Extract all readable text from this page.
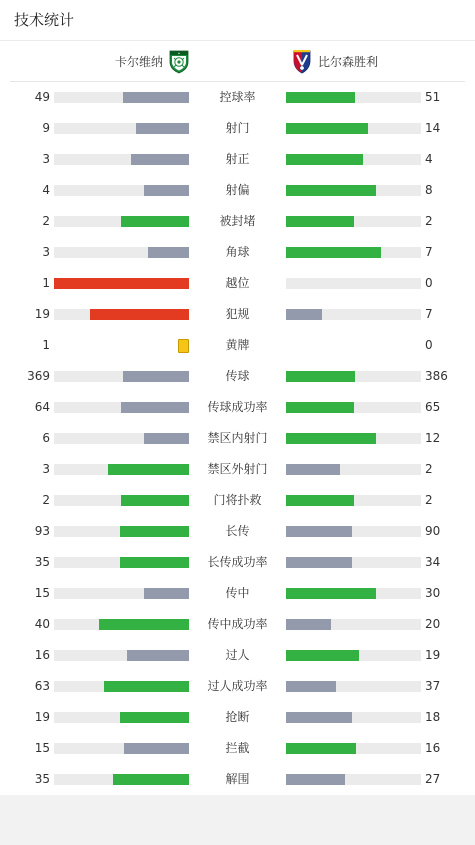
技术统计
卡尔维纳
✦
比尔森胜利
49	控球率	51
9	射门	14
3	射正	4
4	射偏	8
2	被封堵	2
3	角球	7
1	越位	0
19	犯规	7
1	黄牌	0
369	传球	386
64	传球成功率	65
6	禁区内射门	12
3	禁区外射门	2
2	门将扑救	2
93	长传	90
35	长传成功率	34
15	传中	30
40	传中成功率	20
16	过人	19
63	过人成功率	37
19	抢断	18
15	拦截	16
35	解围	27
